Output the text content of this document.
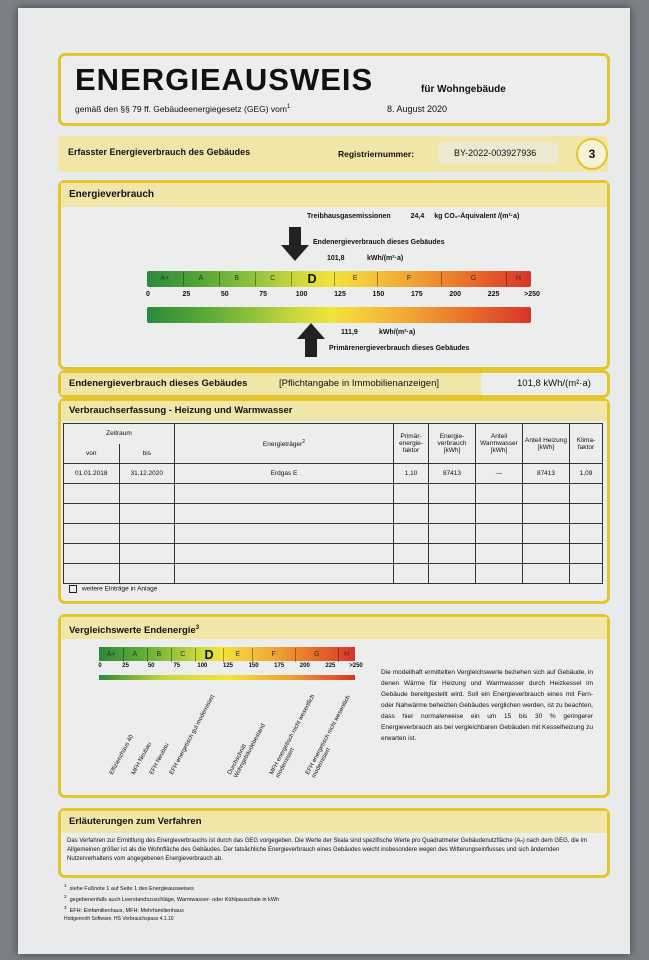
ENERGIEAUSWEIS	für Wohngebäude
gemäß den §§ 79 ff. Gebäudeenergiegesetz (GEG) vom$^1$	8. August 2020
Erfasster Energieverbrauch des Gebäudes	Registriernummer:	BY-2022-003927936	3
Energieverbrauch
Treibhausgasemissionen	24,4 kg CO₂-Äquivalent /(m²·a)
Endenergieverbrauch dieses Gebäudes
101,8	kWh/(m²·a)
A+	A	B	C	D	E	F	G	H
0	25	50	75	100	125	150	175	200	225	>250
111,9	kWh/(m²·a)
Primärenergieverbrauch dieses Gebäudes
Endenergieverbrauch dieses Gebäudes	[Pflichtangabe in Immobilienanzeigen]	101,8 kWh/(m²·a)
Verbrauchserfassung - Heizung und Warmwasser
Zeitraum		Energieträger$^2$	Primär-energie-faktor	Energie-verbrauch [kWh]	Anteil Warmwasser [kWh]	Anteil Heizung [kWh]	Klima-faktor
von	bis						
01.01.2018	31.12.2020	Erdgas E	1,10	87413	—	87413	1,09

weitere Einträge in Anlage
Vergleichswerte Endenergie$^3$
A+	A	B	C	D	E	F	G	H
0	25	50	75	100	125	150	175	200	225	>250
Effizienzhaus 40
MFH Neubau
EFH Neubau
EFH energetisch gut modernisiert Durchschnitt Wohngebäudebestand MFH energetisch nicht wesentlich modernisiert	EFH energetisch nicht wesentlich modernisiert
Die modellhaft ermittelten Vergleichswerte beziehen sich auf Gebäude, in denen Wärme für Heizung und Warmwasser durch Heizkessel im Gebäude bereitgestellt wird. Soll ein Energieverbrauch eines mit Fern- oder Nahwärme beheizten Gebäudes verglichen werden, ist zu beachten, dass hier normalerweise ein um 15 bis 30 % geringerer Energieverbrauch als bei vergleichbaren Gebäuden mit Kesselheizung zu erwarten ist.
Erläuterungen zum Verfahren
Das Verfahren zur Ermittlung des Energieverbrauchs ist durch das GEG vorgegeben. Die Werte der Skala sind spezifische Werte pro Quadratmeter Gebäudenutzfläche (Aₙ) nach dem GEG, die im Allgemeinen größer ist als die Wohnfläche des Gebäudes. Der tatsächliche Energieverbrauch eines Gebäudes weicht insbesondere wegen des Witterungseinflusses und sich ändernden Nutzerverhaltens vom angegebenen Energieverbrauch ab.
$^1$  siehe Fußnote 1 auf Seite 1 des Energieausweises
$^2$  gegebenenfalls auch Leerstandszuschläge, Warmwasser- oder Kühlpauschale in kWh
$^3$  EFH: Einfamilienhaus, MFH: Mehrfamilienhaus
Hottgenroth Software, HS Verbrauchspass 4.1.10
